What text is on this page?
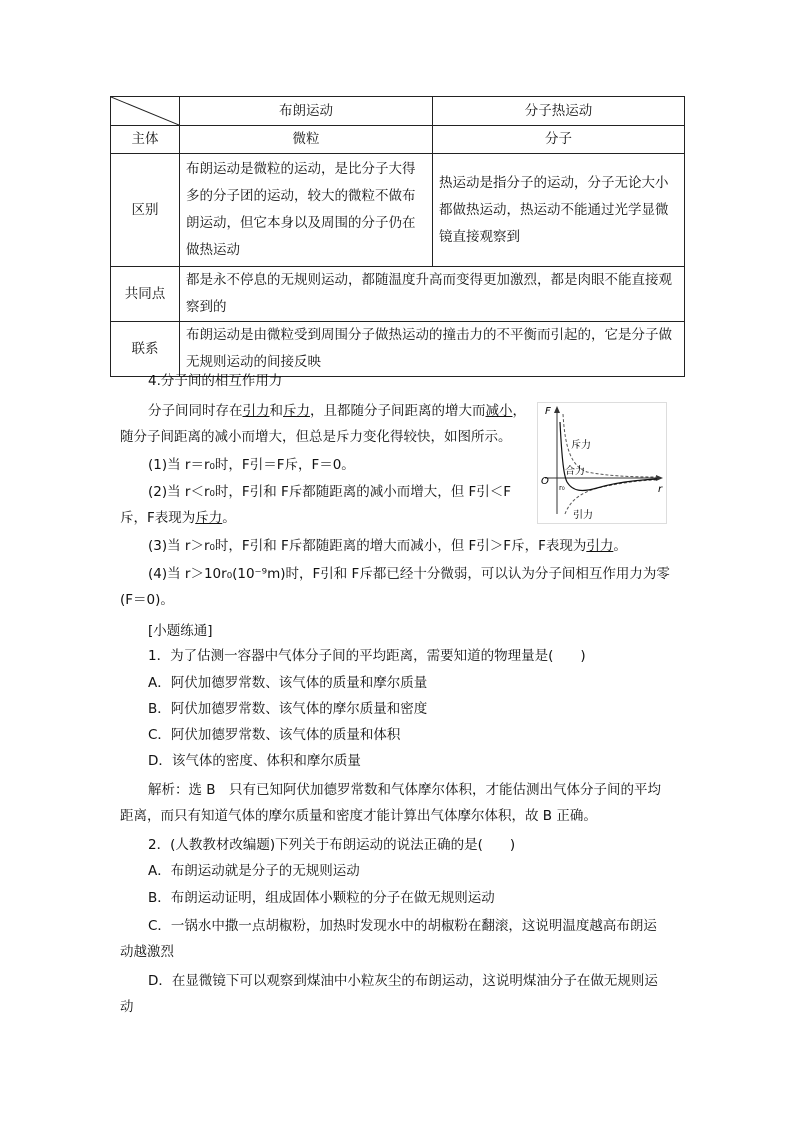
	布朗运动	分子热运动
主体	微粒	分子
区别	布朗运动是微粒的运动，是比分子大得多的分子团的运动，较大的微粒不做布朗运动，但它本身以及周围的分子仍在做热运动	热运动是指分子的运动，分子无论大小都做热运动，热运动不能通过光学显微镜直接观察到
共同点	都是永不停息的无规则运动，都随温度升高而变得更加激烈，都是肉眼不能直接观察到的	
联系	布朗运动是由微粒受到周围分子做热运动的撞击力的不平衡而引起的，它是分子做无规则运动的间接反映	
4.分子间的相互作用力
分子间同时存在引力和斥力，且都随分子间距离的增大而减小，
随分子间距离的减小而增大，但总是斥力变化得较快，如图所示。
(1)当 r＝r₀时，F引＝F斥，F＝0。
(2)当 r＜r₀时，F引和 F斥都随距离的减小而增大，但 F引＜F
斥，F表现为斥力。
(3)当 r＞r₀时，F引和 F斥都随距离的增大而减小，但 F引＞F斥，F表现为引力。
(4)当 r＞10r₀(10⁻⁹m)时，F引和 F斥都已经十分微弱，可以认为分子间相互作用力为零
(F＝0)。
F
r
O
r₀
斥力
合力
引力
[小题练通]
1．为了估测一容器中气体分子间的平均距离，需要知道的物理量是(　　)
A．阿伏加德罗常数、该气体的质量和摩尔质量
B．阿伏加德罗常数、该气体的摩尔质量和密度
C．阿伏加德罗常数、该气体的质量和体积
D．该气体的密度、体积和摩尔质量
解析：选 B　只有已知阿伏加德罗常数和气体摩尔体积，才能估测出气体分子间的平均
距离，而只有知道气体的摩尔质量和密度才能计算出气体摩尔体积，故 B 正确。
2．(人教教材改编题)下列关于布朗运动的说法正确的是(　　)
A．布朗运动就是分子的无规则运动
B．布朗运动证明，组成固体小颗粒的分子在做无规则运动
C．一锅水中撒一点胡椒粉，加热时发现水中的胡椒粉在翻滚，这说明温度越高布朗运
动越激烈
D．在显微镜下可以观察到煤油中小粒灰尘的布朗运动，这说明煤油分子在做无规则运
动
